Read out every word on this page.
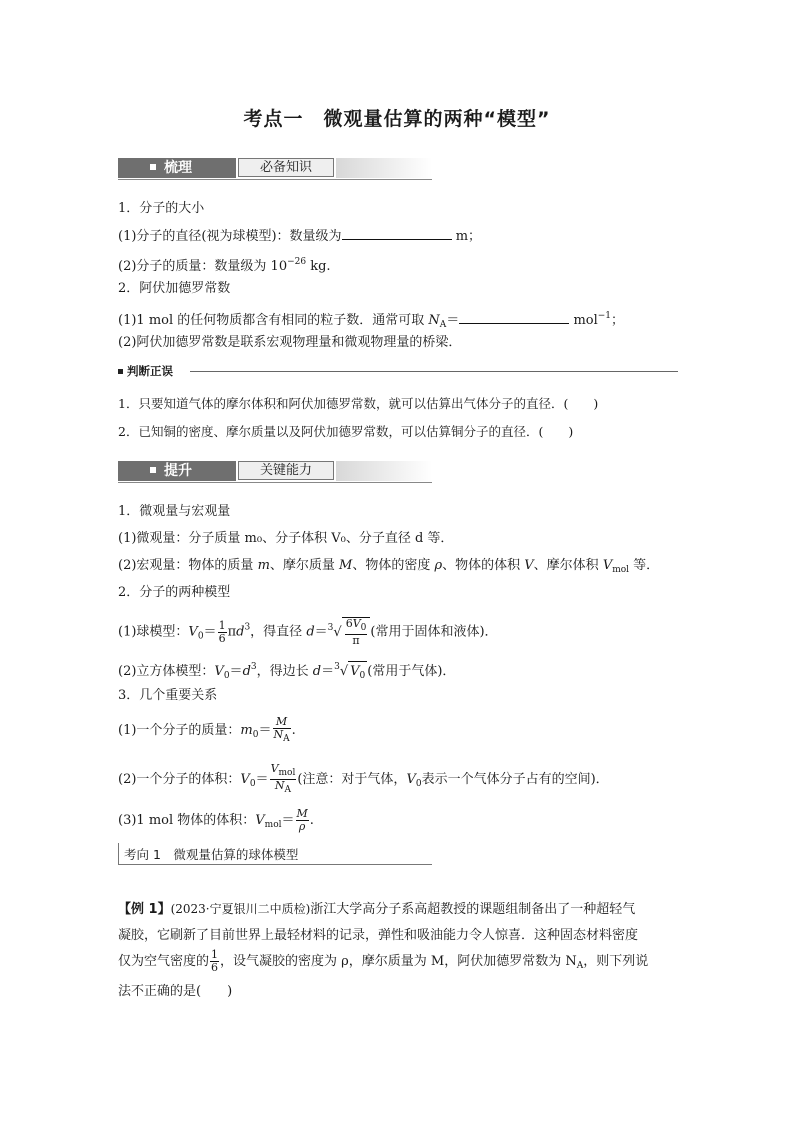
考点一　微观量估算的两种“模型”
梳理	必备知识
1．分子的大小
(1)分子的直径(视为球模型)：数量级为	m；
(2)分子的质量：数量级为 $10^{-26}$ kg.
2．阿伏加德罗常数
(1)1 mol 的任何物质都含有相同的粒子数．通常可取 $N_A=$	mol$^{-1}$；
(2)阿伏加德罗常数是联系宏观物理量和微观物理量的桥梁．
判断正误
1．只要知道气体的摩尔体积和阿伏加德罗常数，就可以估算出气体分子的直径．(　　)
2．已知铜的密度、摩尔质量以及阿伏加德罗常数，可以估算铜分子的直径．(　　)
提升	关键能力
1．微观量与宏观量
(1)微观量：分子质量 m₀、分子体积 V₀、分子直径 d 等．
(2)宏观量：物体的质量 m、摩尔质量 M、物体的密度 ρ、物体的体积 V、摩尔体积 $V_{mol}$ 等．
2．分子的两种模型
(1)球模型：$V_0= \frac{1}{6} \pi d^3$，得直径 $d=^3√ \frac{6V_0}{\pi}$ (常用于固体和液体)．
(2)立方体模型：$V_0=d^3$，得边长 d＝$^3$√ $V_0$ (常用于气体)．
3．几个重要关系
(1)一个分子的质量：$m_0= \frac{M}{N_A}$ .
(2)一个分子的体积：$V_0= \frac{V_{mol}}{N_A}$ (注意：对于气体，$V_0$表示一个气体分子占有的空间)．
(3)1 mol 物体的体积：$V_{mol}= \frac{M}{\rho}$ .
考向 1　微观量估算的球体模型
【例 1】(2023·宁夏银川二中质检)浙江大学高分子系高超教授的课题组制备出了一种超轻气
凝胶，它刷新了目前世界上最轻材料的记录，弹性和吸油能力令人惊喜．这种固态材料密度
仅为空气密度的 $\frac{1}{6}$ ，设气凝胶的密度为 ρ，摩尔质量为 M，阿伏加德罗常数为 $N_A$，则下列说
法不正确的是(　　)
